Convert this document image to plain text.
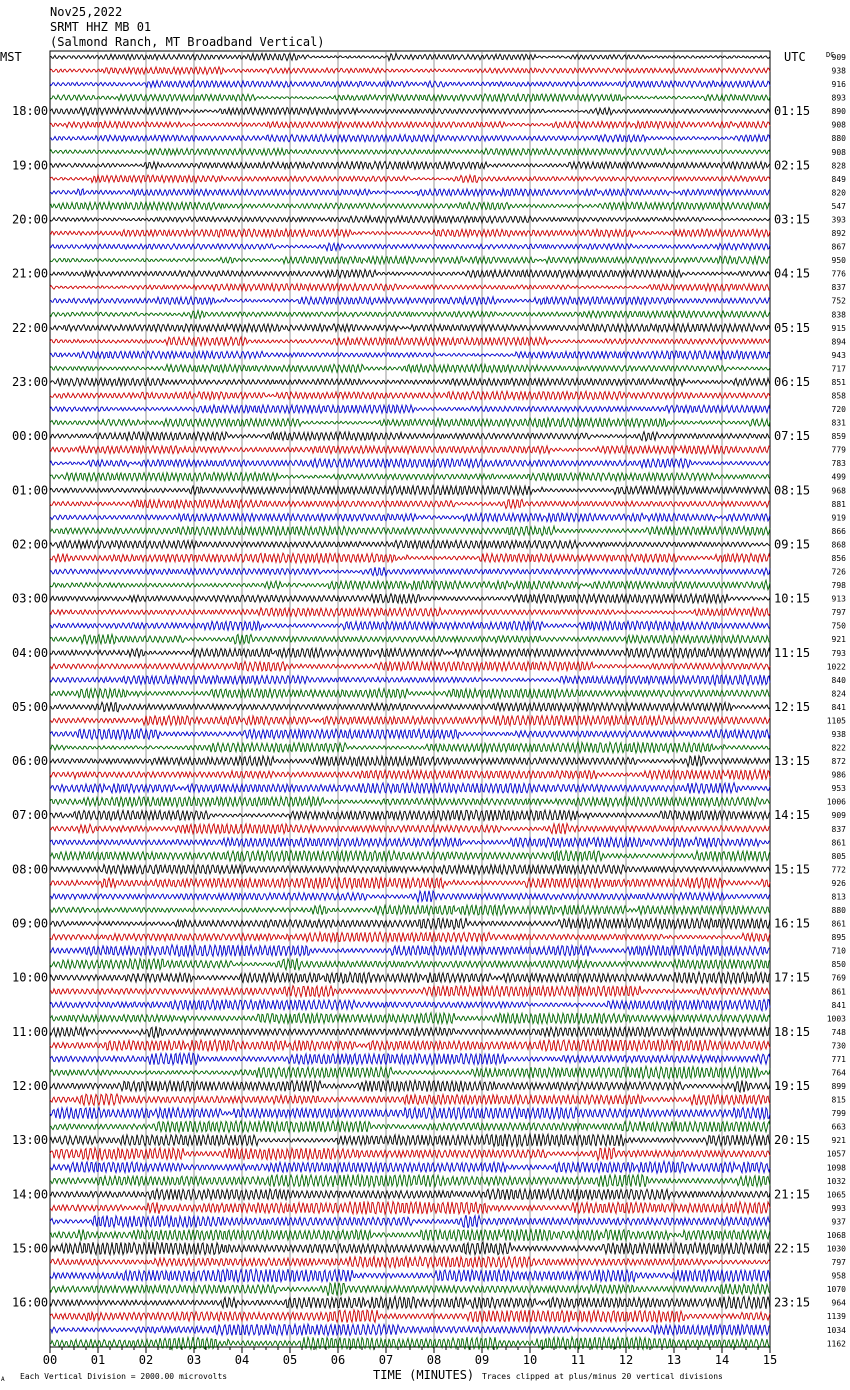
Nov25,2022
SRMT HHZ MB 01
(Salmond Ranch, MT Broadband Vertical)
MST	UTC	DC
18:00
19:00
20:00
21:00
22:00
23:00
00:00
01:00
02:00
03:00
04:00
05:00
06:00
07:00
08:00
09:00
10:00
11:00
12:00
13:00
14:00
15:00
16:00
01:15
02:15
03:15
04:15
05:15
06:15
07:15
08:15
09:15
10:15
11:15
12:15
13:15
14:15
15:15
16:15
17:15
18:15
19:15
20:15
21:15
22:15
23:15
909
938
916
893
890
908
880
908
828
849
820
547
393
892
867
950
776
837
752
838
915
894
943
717
851
858
720
831
859
779
783
499
968
881
919
866
868
856
726
798
913
797
750
921
793
1022
840
824
841
1105
938
822
872
986
953
1006
909
837
861
805
772
926
813
880
861
895
710
850
769
861
841
1003
748
730
771
764
899
815
799
663
921
1057
1098
1032
1065
993
937
1068
1030
797
958
1070
964
1139
1034
1162
00	01	02	03	04	05	06	07	08	09	10	11	12	13	14	15
TIME (MINUTES)
Each Vertical Division = 2000.00 microvolts	Traces clipped at plus/minus 20 vertical divisions
A
